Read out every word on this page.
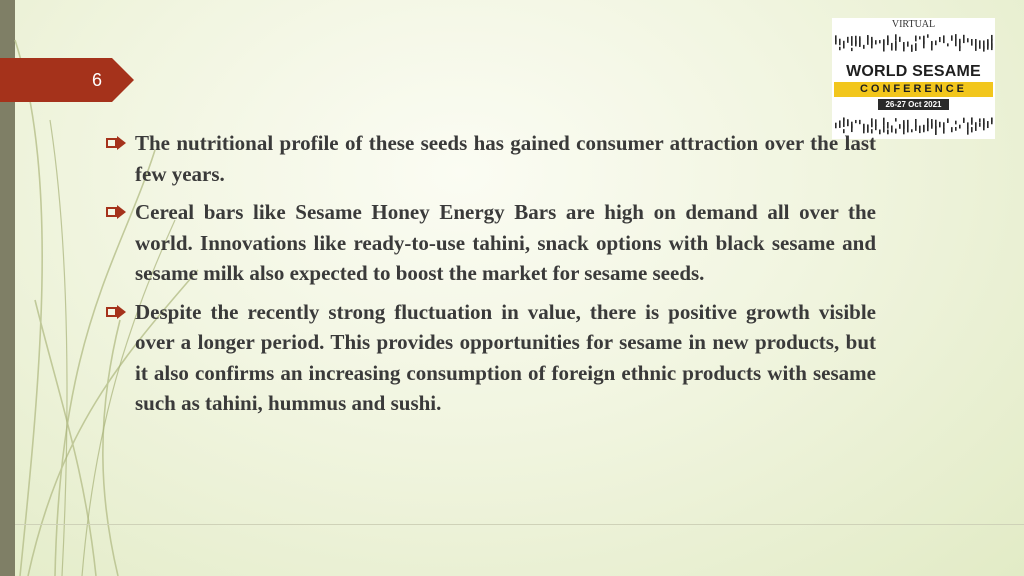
6
VIRTUAL
WORLD SESAME
CONFERENCE
26-27 Oct 2021
The nutritional profile of these seeds has gained consumer attraction over the last few years.
Cereal bars like Sesame Honey Energy Bars are high on demand all over the world. Innovations like ready-to-use tahini, snack options with black sesame and sesame milk also expected to boost the market for sesame seeds.
Despite the recently strong fluctuation in value, there is positive growth visible over a longer period. This provides opportunities for sesame in new products, but it also confirms an increasing consumption of foreign ethnic products with sesame such as tahini, hummus and sushi.
